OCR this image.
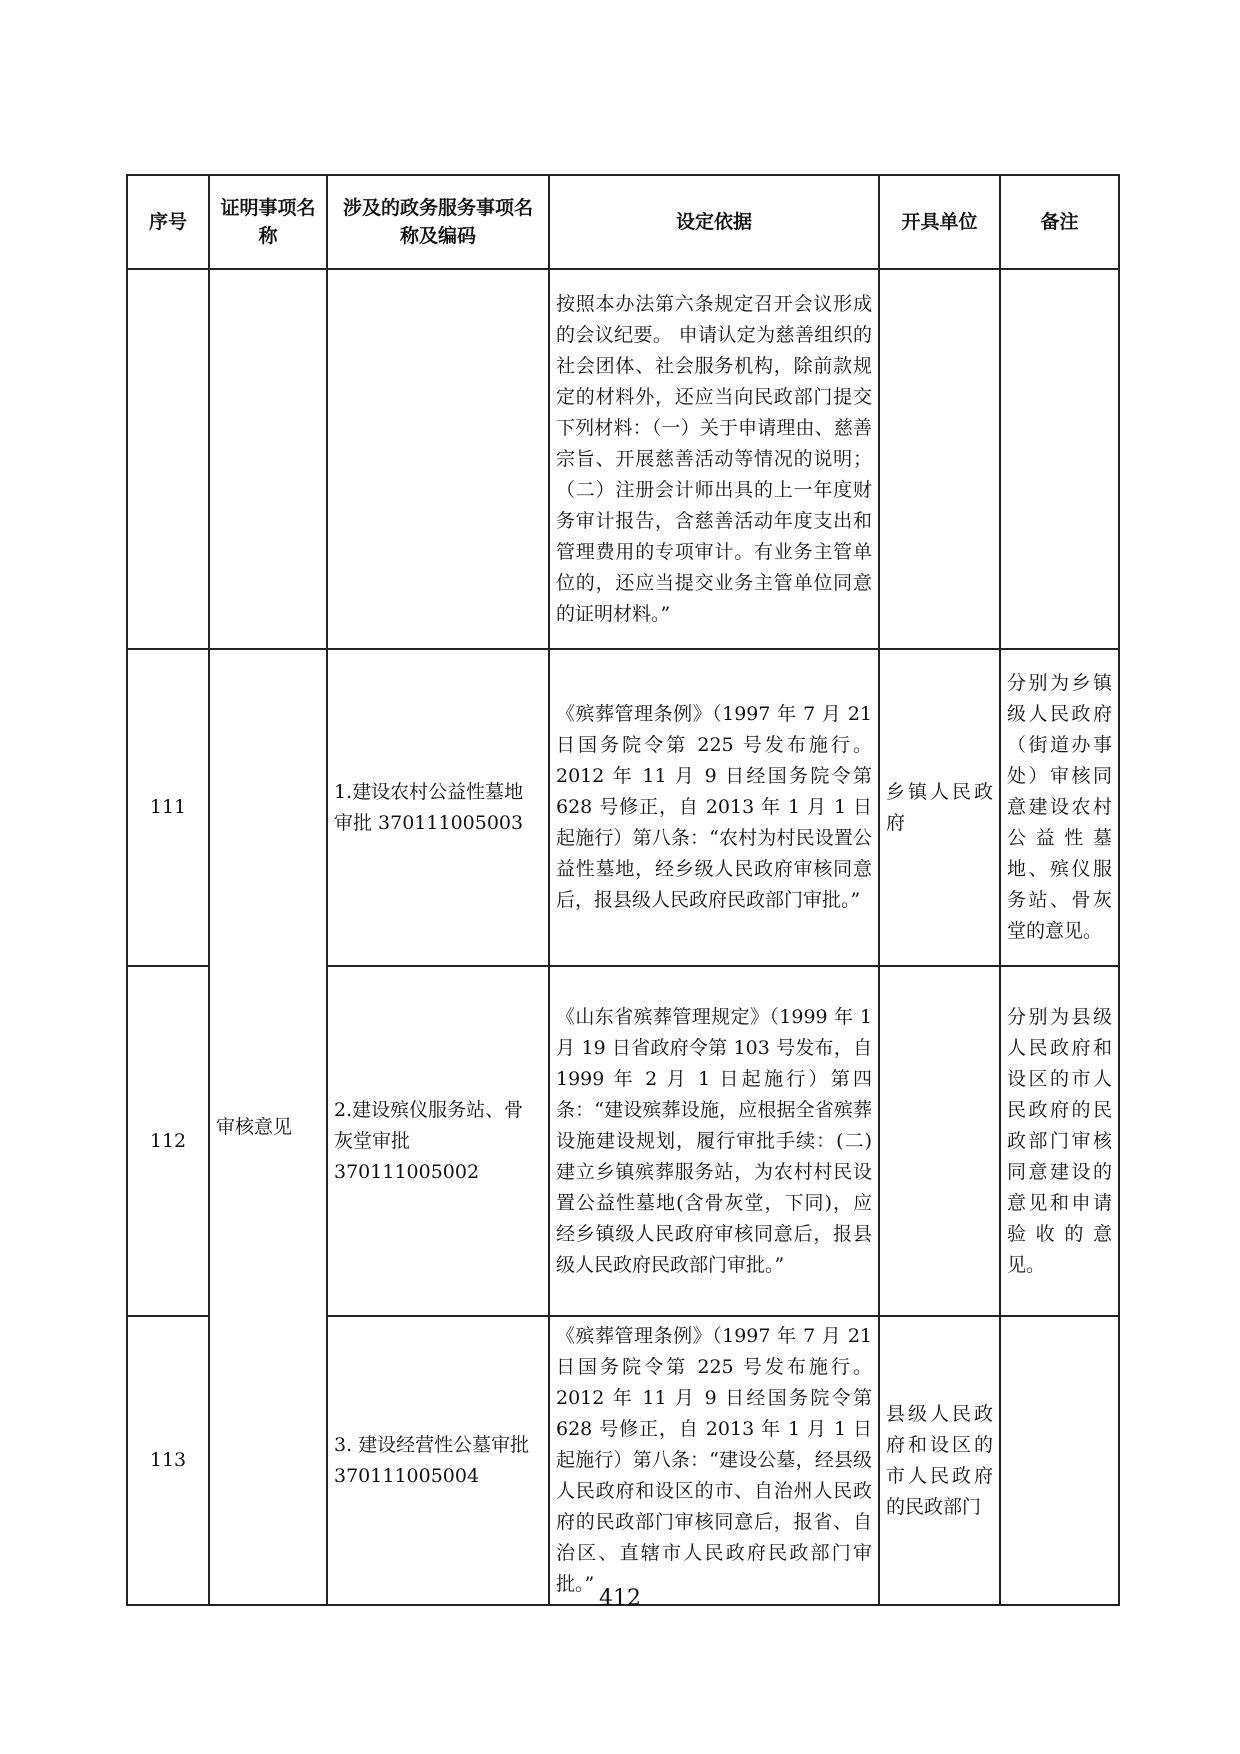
序号	证明事项名称	涉及的政务服务事项名称及编码	设定依据	开具单位	备注
			按照本办法第六条规定召开会议形成的会议纪要。 申请认定为慈善组织的社会团体、社会服务机构，除前款规定的材料外，还应当向民政部门提交下列材料：（一）关于申请理由、慈善宗旨、开展慈善活动等情况的说明；（二）注册会计师出具的上一年度财务审计报告，含慈善活动年度支出和管理费用的专项审计。有业务主管单位的，还应当提交业务主管单位同意的证明材料。”		
111	审核意见	1.建设农村公益性墓地审批 370111005003	《殡葬管理条例》（1997 年 7 月 21 日国务院令第 225 号发布施行。2012 年 11 月 9 日经国务院令第 628 号修正，自 2013 年 1 月 1 日起施行）第八条：“农村为村民设置公益性墓地，经乡级人民政府审核同意后，报县级人民政府民政部门审批。”	乡镇人民政府	分别为乡镇级人民政府（街道办事处）审核同意建设农村公益性墓地、殡仪服务站、骨灰堂的意见。
112		2.建设殡仪服务站、骨灰堂审批 370111005002	《山东省殡葬管理规定》（1999 年 1 月 19 日省政府令第 103 号发布，自 1999 年 2 月 1 日起施行）第四条：“建设殡葬设施，应根据全省殡葬设施建设规划，履行审批手续：(二)建立乡镇殡葬服务站，为农村村民设置公益性墓地(含骨灰堂，下同)，应经乡镇级人民政府审核同意后，报县级人民政府民政部门审批。”		分别为县级人民政府和设区的市人民政府的民政部门审核同意建设的意见和申请验收的意见。
113		3. 建设经营性公墓审批 370111005004	《殡葬管理条例》（1997 年 7 月 21 日国务院令第 225 号发布施行。2012 年 11 月 9 日经国务院令第 628 号修正，自 2013 年 1 月 1 日起施行）第八条：“建设公墓，经县级人民政府和设区的市、自治州人民政府的民政部门审核同意后，报省、自治区、直辖市人民政府民政部门审批。”	县级人民政府和设区的市人民政府的民政部门	
412
